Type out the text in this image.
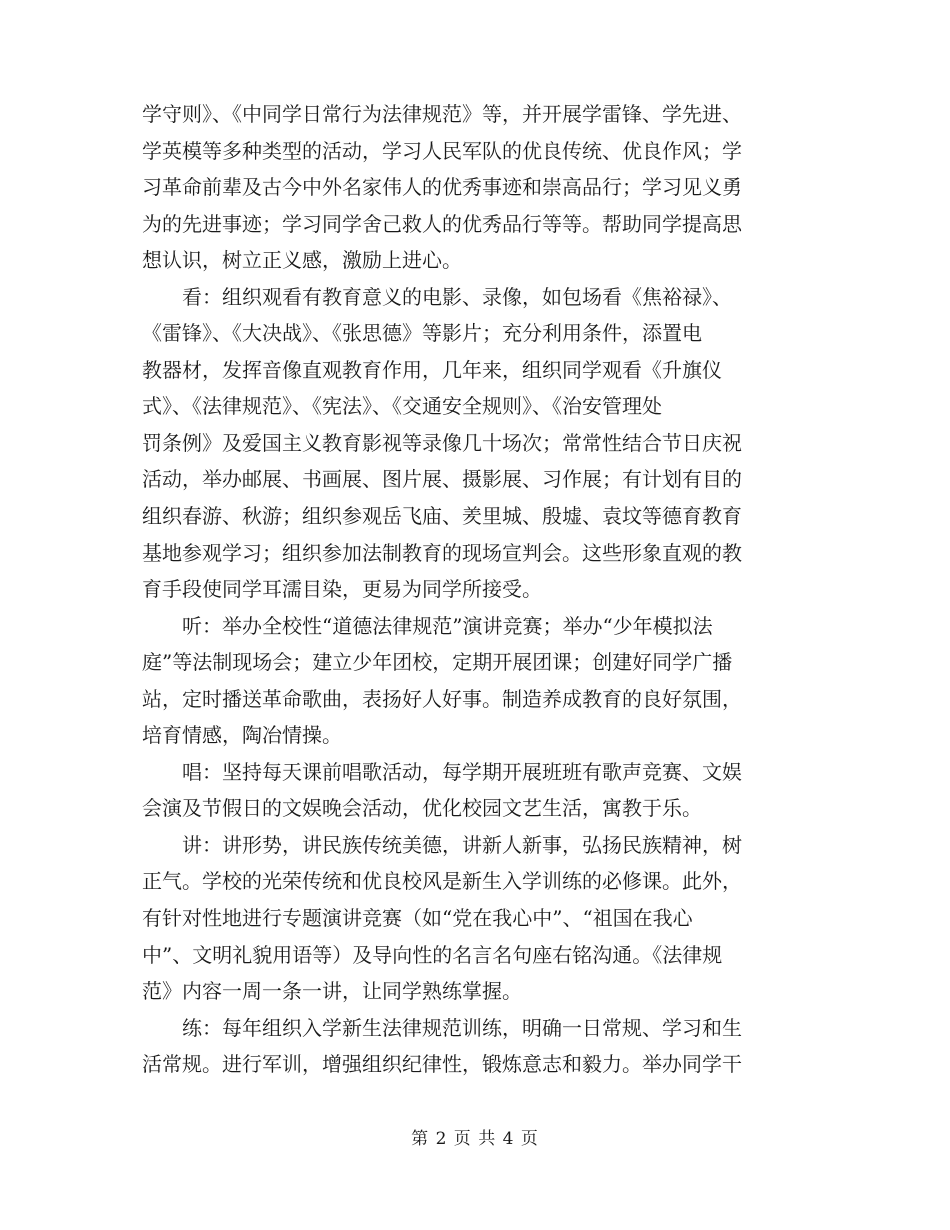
学守则》、《中同学日常行为法律规范》等，并开展学雷锋、学先进、
学英模等多种类型的活动，学习人民军队的优良传统、优良作风；学
习革命前辈及古今中外名家伟人的优秀事迹和崇高品行；学习见义勇
为的先进事迹；学习同学舍己救人的优秀品行等等。帮助同学提高思
想认识，树立正义感，激励上进心。
　　看：组织观看有教育意义的电影、录像，如包场看《焦裕禄》、
《雷锋》、《大决战》、《张思德》等影片；充分利用条件，添置电
教器材，发挥音像直观教育作用，几年来，组织同学观看《升旗仪
式》、《法律规范》、《宪法》、《交通安全规则》、《治安管理处
罚条例》及爱国主义教育影视等录像几十场次；常常性结合节日庆祝
活动，举办邮展、书画展、图片展、摄影展、习作展；有计划有目的
组织春游、秋游；组织参观岳飞庙、羑里城、殷墟、袁坟等德育教育
基地参观学习；组织参加法制教育的现场宣判会。这些形象直观的教
育手段使同学耳濡目染，更易为同学所接受。
　　听：举办全校性“道德法律规范”演讲竞赛；举办“少年模拟法
庭”等法制现场会；建立少年团校，定期开展团课；创建好同学广播
站，定时播送革命歌曲，表扬好人好事。制造养成教育的良好氛围，
培育情感，陶冶情操。
　　唱：坚持每天课前唱歌活动，每学期开展班班有歌声竞赛、文娱
会演及节假日的文娱晚会活动，优化校园文艺生活，寓教于乐。
　　讲：讲形势，讲民族传统美德，讲新人新事，弘扬民族精神，树
正气。学校的光荣传统和优良校风是新生入学训练的必修课。此外，
有针对性地进行专题演讲竞赛（如“党在我心中”、“祖国在我心
中”、文明礼貌用语等）及导向性的名言名句座右铭沟通。《法律规
范》内容一周一条一讲，让同学熟练掌握。
　　练：每年组织入学新生法律规范训练，明确一日常规、学习和生
活常规。进行军训，增强组织纪律性，锻炼意志和毅力。举办同学干
第 2 页 共 4 页
